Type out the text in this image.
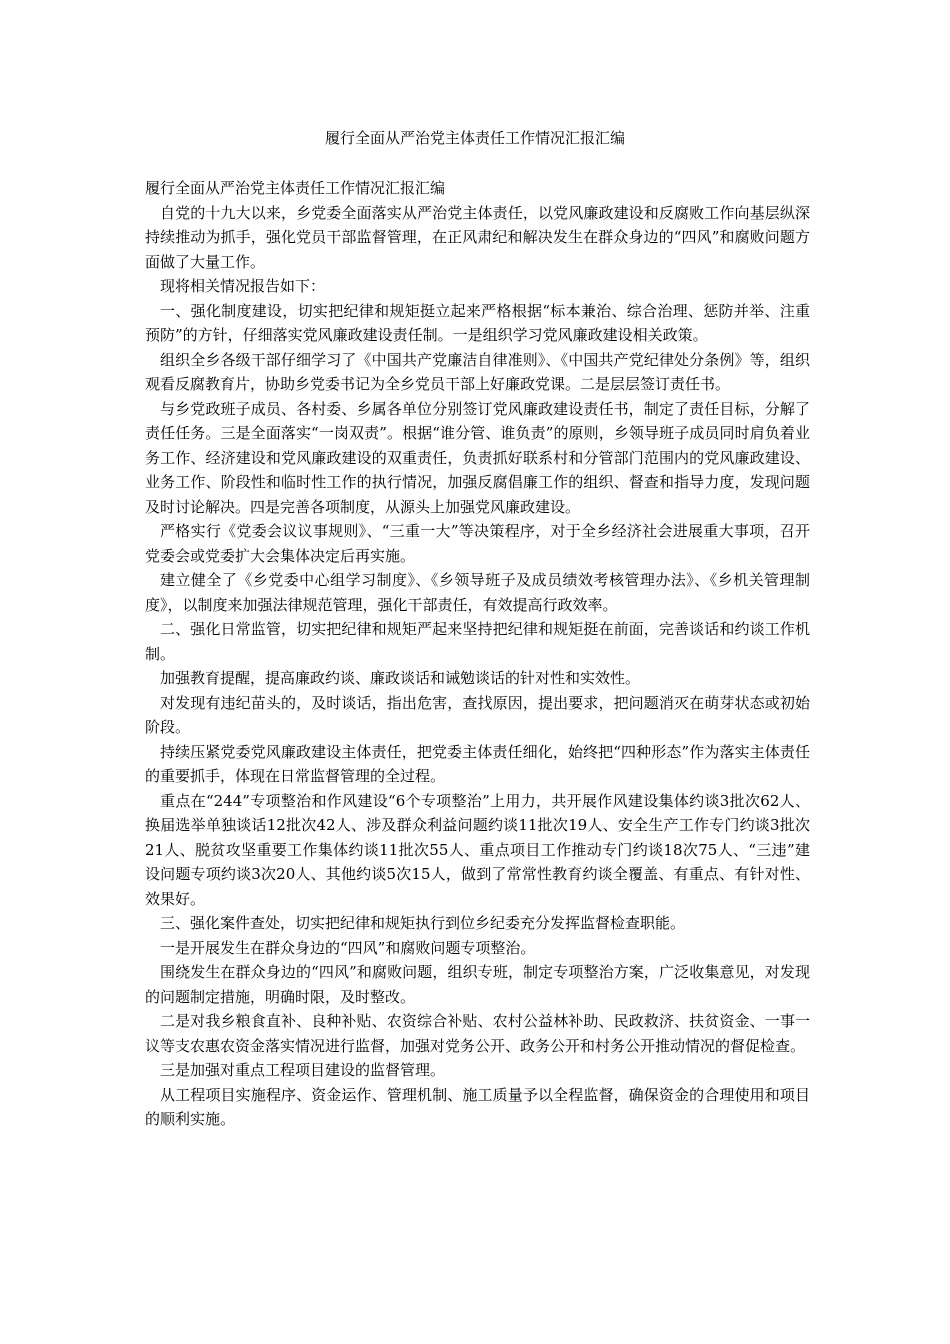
履行全面从严治党主体责任工作情况汇报汇编

履行全面从严治党主体责任工作情况汇报汇编

自党的十九大以来，乡党委全面落实从严治党主体责任，以党风廉政建设和反腐败工作向基层纵深持续推动为抓手，强化党员干部监督管理，在正风肃纪和解决发生在群众身边的“四风”和腐败问题方面做了大量工作。

现将相关情况报告如下：

一、强化制度建设，切实把纪律和规矩挺立起来严格根据“标本兼治、综合治理、惩防并举、注重预防”的方针，仔细落实党风廉政建设责任制。一是组织学习党风廉政建设相关政策。

组织全乡各级干部仔细学习了《中国共产党廉洁自律准则》、《中国共产党纪律处分条例》等，组织观看反腐教育片，协助乡党委书记为全乡党员干部上好廉政党课。二是层层签订责任书。

与乡党政班子成员、各村委、乡属各单位分别签订党风廉政建设责任书，制定了责任目标，分解了责任任务。三是全面落实“一岗双责”。根据“谁分管、谁负责”的原则，乡领导班子成员同时肩负着业务工作、经济建设和党风廉政建设的双重责任，负责抓好联系村和分管部门范围内的党风廉政建设、业务工作、阶段性和临时性工作的执行情况，加强反腐倡廉工作的组织、督查和指导力度，发现问题及时讨论解决。四是完善各项制度，从源头上加强党风廉政建设。

严格实行《党委会议议事规则》、“三重一大”等决策程序，对于全乡经济社会进展重大事项，召开党委会或党委扩大会集体决定后再实施。

建立健全了《乡党委中心组学习制度》、《乡领导班子及成员绩效考核管理办法》、《乡机关管理制度》，以制度来加强法律规范管理，强化干部责任，有效提高行政效率。

二、强化日常监管，切实把纪律和规矩严起来坚持把纪律和规矩挺在前面，完善谈话和约谈工作机制。

加强教育提醒，提高廉政约谈、廉政谈话和诫勉谈话的针对性和实效性。

对发现有违纪苗头的，及时谈话，指出危害，查找原因，提出要求，把问题消灭在萌芽状态或初始阶段。

持续压紧党委党风廉政建设主体责任，把党委主体责任细化，始终把“四种形态”作为落实主体责任的重要抓手，体现在日常监督管理的全过程。

重点在“244”专项整治和作风建设“6个专项整治”上用力，共开展作风建设集体约谈3批次62人、换届选举单独谈话12批次42人、涉及群众利益问题约谈11批次19人、安全生产工作专门约谈3批次21人、脱贫攻坚重要工作集体约谈11批次55人、重点项目工作推动专门约谈18次75人、“三违”建设问题专项约谈3次20人、其他约谈5次15人，做到了常常性教育约谈全覆盖、有重点、有针对性、效果好。

三、强化案件查处，切实把纪律和规矩执行到位乡纪委充分发挥监督检查职能。

一是开展发生在群众身边的“四风”和腐败问题专项整治。

围绕发生在群众身边的“四风”和腐败问题，组织专班，制定专项整治方案，广泛收集意见，对发现的问题制定措施，明确时限，及时整改。

二是对我乡粮食直补、良种补贴、农资综合补贴、农村公益林补助、民政救济、扶贫资金、一事一议等支农惠农资金落实情况进行监督，加强对党务公开、政务公开和村务公开推动情况的督促检查。

三是加强对重点工程项目建设的监督管理。

从工程项目实施程序、资金运作、管理机制、施工质量予以全程监督，确保资金的合理使用和项目的顺利实施。
